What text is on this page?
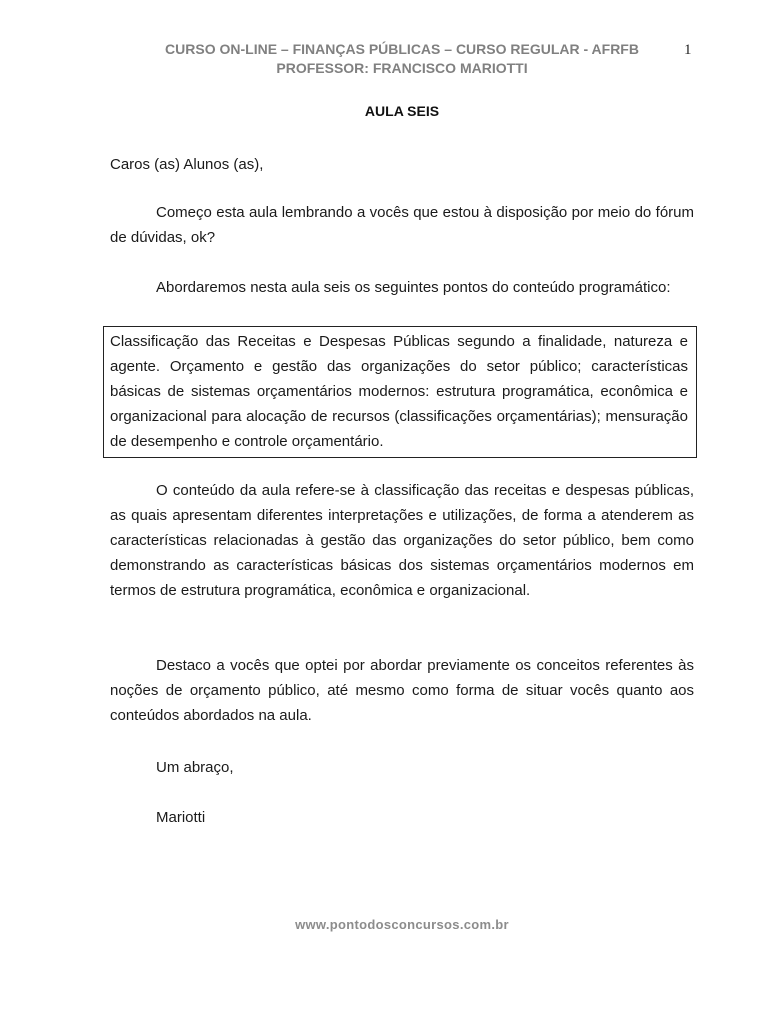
CURSO ON-LINE – FINANÇAS PÚBLICAS – CURSO REGULAR - AFRFB
PROFESSOR: FRANCISCO MARIOTTI
1
AULA SEIS

Caros (as) Alunos (as),

Começo esta aula lembrando a vocês que estou à disposição por meio do fórum de dúvidas, ok?

Abordaremos nesta aula seis os seguintes pontos do conteúdo programático:

Classificação das Receitas e Despesas Públicas segundo a finalidade, natureza e agente. Orçamento e gestão das organizações do setor público; características básicas de sistemas orçamentários modernos: estrutura programática, econômica e organizacional para alocação de recursos (classificações orçamentárias); mensuração de desempenho e controle orçamentário.

O conteúdo da aula refere-se à classificação das receitas e despesas públicas, as quais apresentam diferentes interpretações e utilizações, de forma a atenderem as características relacionadas à gestão das organizações do setor público, bem como demonstrando as características básicas dos sistemas orçamentários modernos em termos de estrutura programática, econômica e organizacional.

Destaco a vocês que optei por abordar previamente os conceitos referentes às noções de orçamento público, até mesmo como forma de situar vocês quanto aos conteúdos abordados na aula.

Um abraço,

Mariotti

www.pontodosconcursos.com.br
